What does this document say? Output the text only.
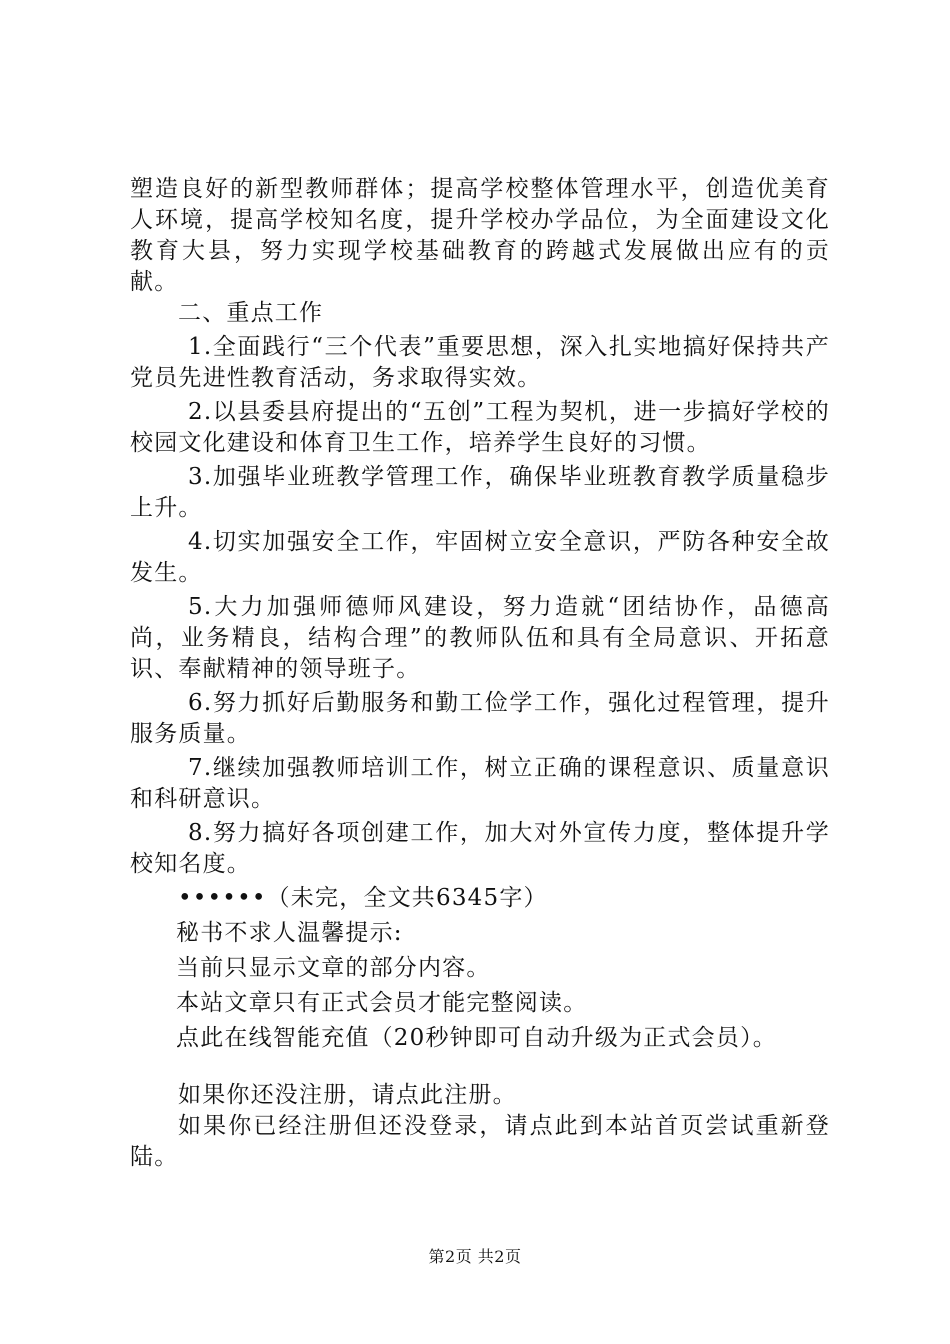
塑造良好的新型教师群体；提高学校整体管理水平，创造优美育人环境，提高学校知名度，提升学校办学品位，为全面建设文化教育大县，努力实现学校基础教育的跨越式发展做出应有的贡献。

二、重点工作

1.全面践行“三个代表”重要思想，深入扎实地搞好保持共产党员先进性教育活动，务求取得实效。

2.以县委县府提出的“五创”工程为契机，进一步搞好学校的校园文化建设和体育卫生工作，培养学生良好的习惯。

3.加强毕业班教学管理工作，确保毕业班教育教学质量稳步上升。

4.切实加强安全工作，牢固树立安全意识，严防各种安全故发生。

5.大力加强师德师风建设，努力造就“团结协作，品德高尚，业务精良，结构合理”的教师队伍和具有全局意识、开拓意识、奉献精神的领导班子。

6.努力抓好后勤服务和勤工俭学工作，强化过程管理，提升服务质量。

7.继续加强教师培训工作，树立正确的课程意识、质量意识和科研意识。

8.努力搞好各项创建工作，加大对外宣传力度，整体提升学校知名度。

••••••（未完，全文共6345字）

秘书不求人温馨提示:

当前只显示文章的部分内容。

本站文章只有正式会员才能完整阅读。

点此在线智能充值（20秒钟即可自动升级为正式会员）。

如果你还没注册，请点此注册。

如果你已经注册但还没登录，请点此到本站首页尝试重新登陆。

第2页 共2页
